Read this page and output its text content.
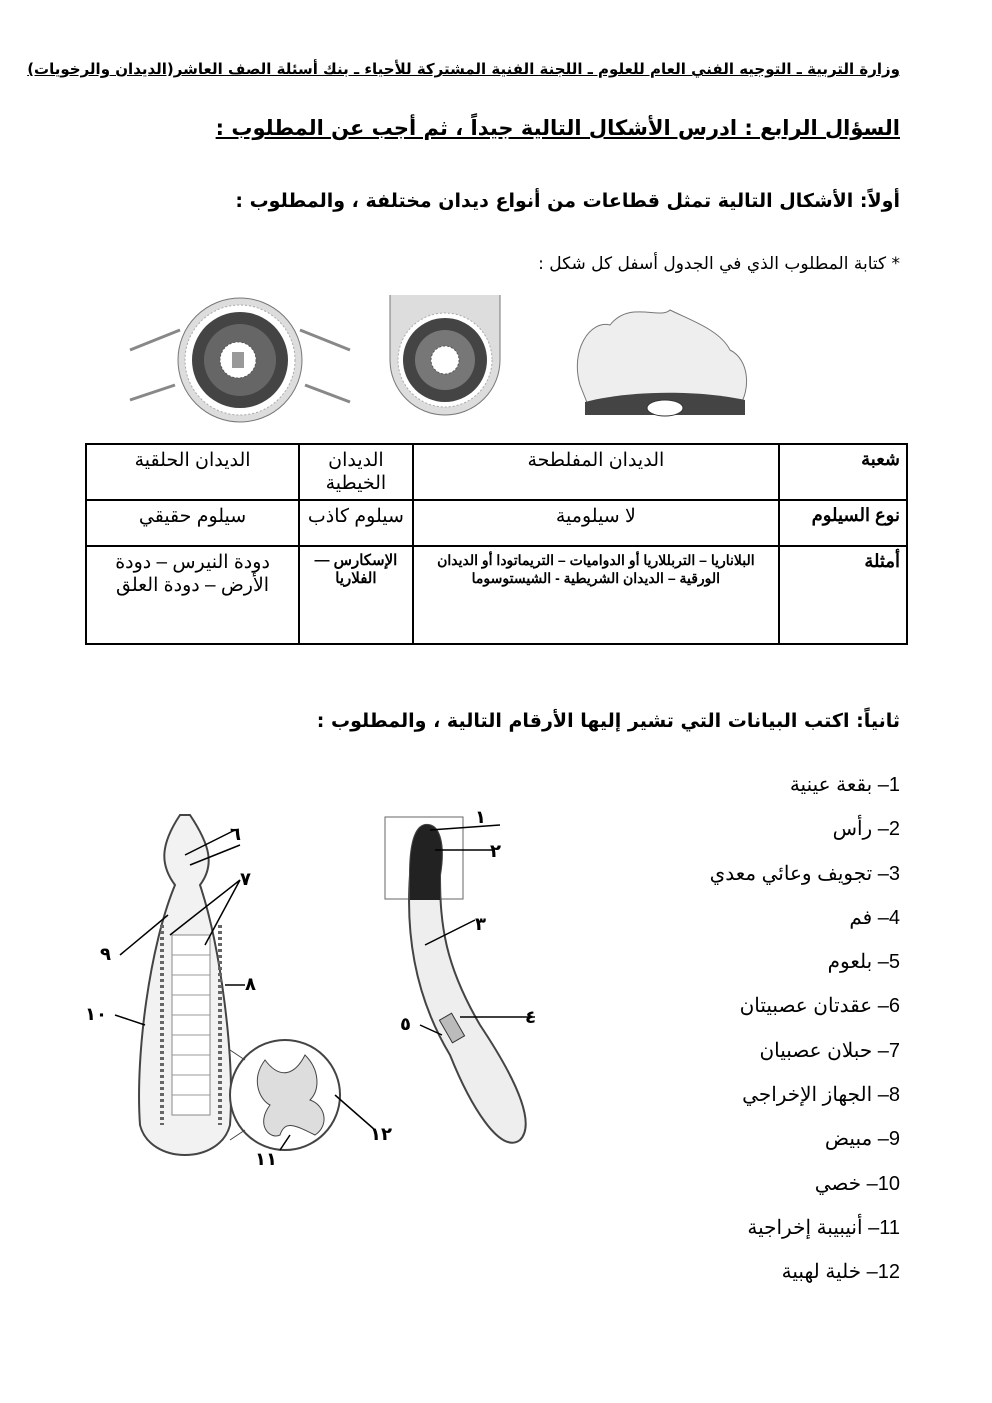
وزارة التربية ـ التوجيه الفني العام للعلوم ـ اللجنة الفنية المشتركة للأحياء ـ بنك أسئلة الصف العاشر(الديدان والرخويات)
السؤال الرابع : ادرس الأشكال التالية جيداً ، ثم أجب عن المطلوب :
أولاً: الأشكال التالية تمثل قطاعات من أنواع ديدان مختلفة ، والمطلوب :
* كتابة المطلوب الذي في الجدول أسفل كل شكل :
شعبة	الديدان المفلطحة	الديدان الخيطية	الديدان الحلقية
نوع السيلوم	لا سيلومية	سيلوم كاذب	سيلوم حقيقي
أمثلة	البلاناريا – التربللاريا أو الدواميات – التريماتودا أو الديدان الورقية – الديدان الشريطية - الشيستوسوما	الإسكارس — الفلاريا	دودة النيرس – دودة الأرض – دودة العلق
ثانياً: اكتب البيانات التي تشير إليها الأرقام التالية ، والمطلوب :
1– بقعة عينية
2– رأس
3– تجويف وعائي معدي
4– فم
5– بلعوم
6– عقدتان عصبيتان
7– حبلان عصبيان
8– الجهاز الإخراجي
9– مبيض
10– خصي
11– أنيبيبة إخراجية
12– خلية لهبية
٦
٧
٩
٨
١٠
١١
١٢
١
٢
٣
٤
٥
